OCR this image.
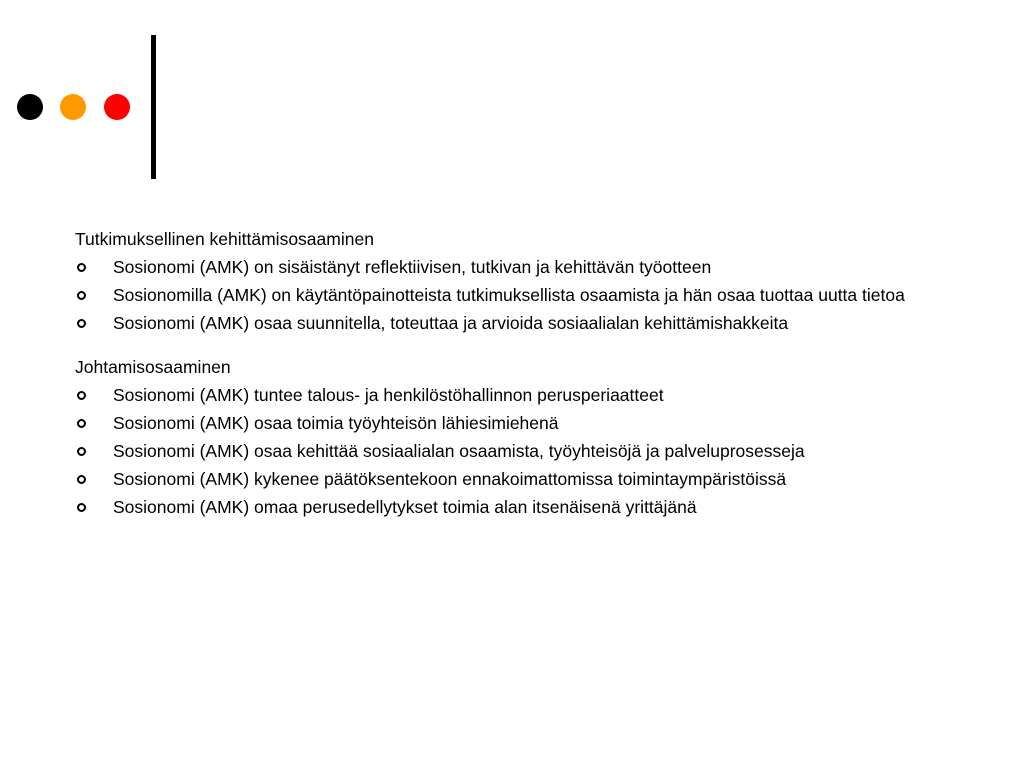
Tutkimuksellinen kehittämisosaaminen
Sosionomi (AMK) on sisäistänyt reflektiivisen, tutkivan ja kehittävän työotteen
Sosionomilla (AMK) on käytäntöpainotteista tutkimuksellista osaamista ja hän osaa tuottaa uutta tietoa
Sosionomi (AMK) osaa suunnitella, toteuttaa ja arvioida sosiaalialan kehittämishakkeita
Johtamisosaaminen
Sosionomi (AMK) tuntee talous- ja henkilöstöhallinnon perusperiaatteet
Sosionomi (AMK) osaa toimia työyhteisön lähiesimiehenä
Sosionomi (AMK) osaa kehittää sosiaalialan osaamista, työyhteisöjä ja palveluprosesseja
Sosionomi (AMK) kykenee päätöksentekoon ennakoimattomissa toimintaympäristöissä
Sosionomi (AMK) omaa perusedellytykset toimia alan itsenäisenä yrittäjänä
